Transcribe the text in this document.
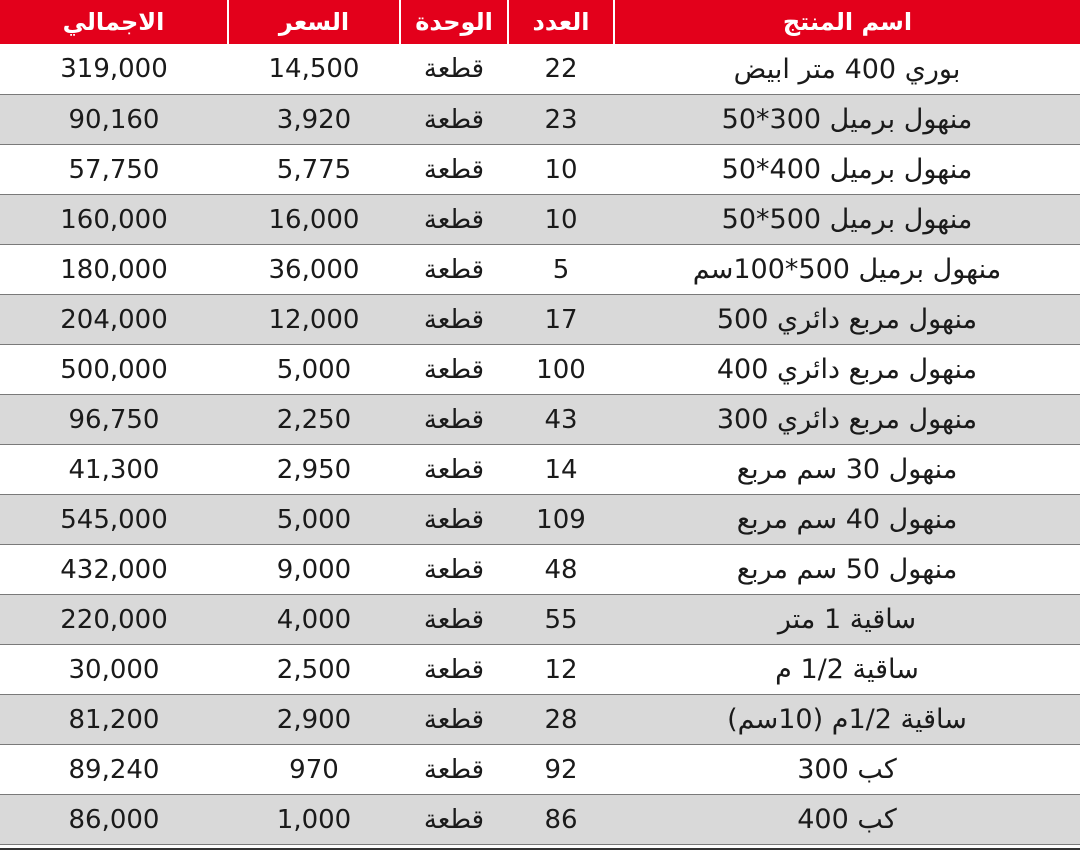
الاجمالي	السعر	الوحدة	العدد	اسم المنتج
319,000	14,500	قطعة	22	بوري 400 متر ابيض
90,160	3,920	قطعة	23	منهول برميل 300*50
57,750	5,775	قطعة	10	منهول برميل 400*50
160,000	16,000	قطعة	10	منهول برميل 500*50
180,000	36,000	قطعة	5	منهول برميل 500*100سم
204,000	12,000	قطعة	17	منهول مربع دائري 500
500,000	5,000	قطعة	100	منهول مربع دائري 400
96,750	2,250	قطعة	43	منهول مربع دائري 300
41,300	2,950	قطعة	14	منهول 30 سم مربع
545,000	5,000	قطعة	109	منهول 40 سم مربع
432,000	9,000	قطعة	48	منهول 50 سم مربع
220,000	4,000	قطعة	55	ساقية 1 متر
30,000	2,500	قطعة	12	ساقية 1/2 م
81,200	2,900	قطعة	28	ساقية 1/2م (10سم)
89,240	970	قطعة	92	كب 300
86,000	1,000	قطعة	86	كب 400
